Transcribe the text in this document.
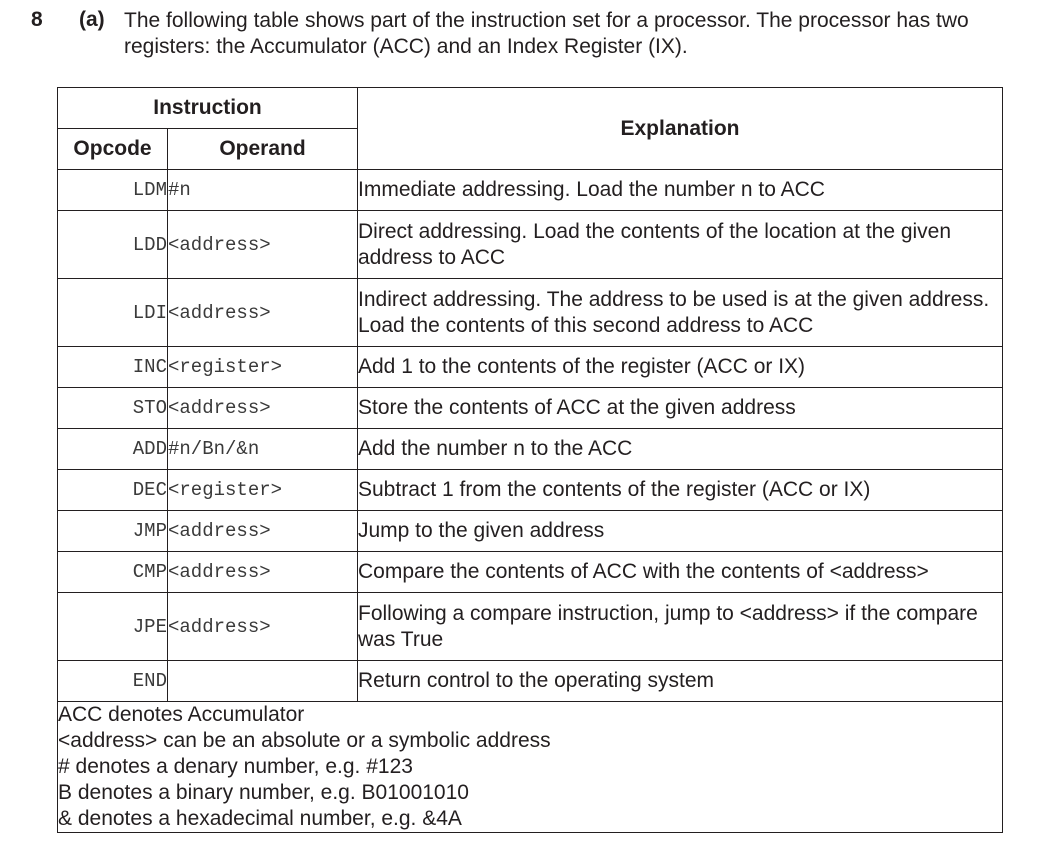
8 (a) The following table shows part of the instruction set for a processor. The processor has two registers: the Accumulator (ACC) and an Index Register (IX).
Instruction		Explanation
Opcode	Operand	
LDM	#n	Immediate addressing. Load the number n to ACC
LDD	<address>	Direct addressing. Load the contents of the location at the given address to ACC
LDI	<address>	Indirect addressing. The address to be used is at the given address. Load the contents of this second address to ACC
INC	<register>	Add 1 to the contents of the register (ACC or IX)
STO	<address>	Store the contents of ACC at the given address
ADD	#n/Bn/&n	Add the number n to the ACC
DEC	<register>	Subtract 1 from the contents of the register (ACC or IX)
JMP	<address>	Jump to the given address
CMP	<address>	Compare the contents of ACC with the contents of <address>
JPE	<address>	Following a compare instruction, jump to <address> if the compare was True
END		Return control to the operating system

ACC denotes Accumulator
<address> can be an absolute or a symbolic address
# denotes a denary number, e.g. #123
B denotes a binary number, e.g. B01001010
& denotes a hexadecimal number, e.g. &4A		
